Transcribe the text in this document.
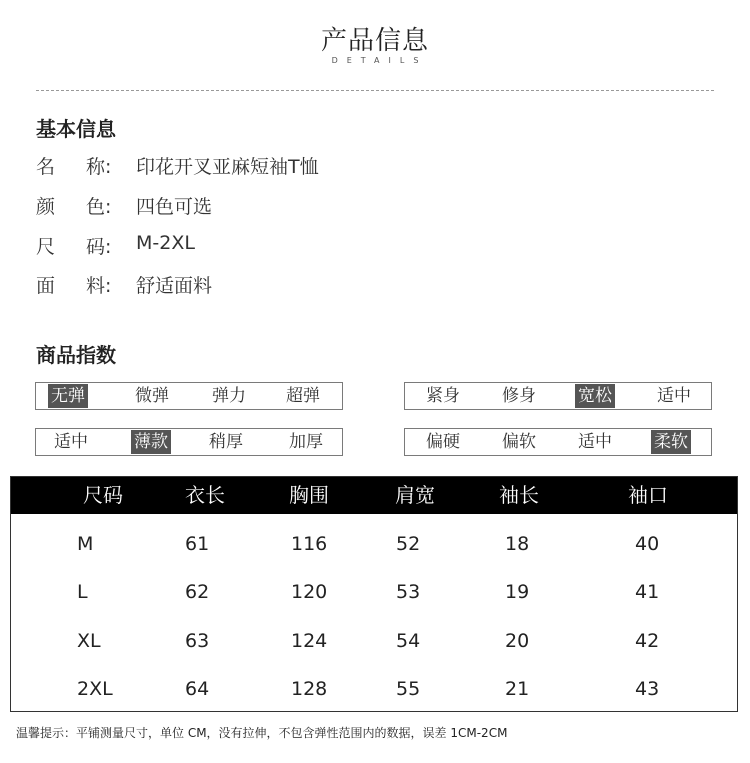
产品信息
DETAILS
基本信息
名	称:	印花开叉亚麻短袖T恤
颜	色:	四色可选
尺	码:	M-2XL
面	料:	舒适面料
商品指数
无弹	微弹	弹力 超弹	紧身 修身 宽松	适中
适中	薄款 稍厚	加厚	偏硬 偏软 适中 柔软
尺码	衣长	胸围	肩宽	袖长	袖口
M	61	116	52	18	40
L	62	120	53	19	41
XL	63	124	54	20	42
2XL	64	128	55	21	43
温馨提示：平铺测量尺寸，单位 CM，没有拉伸，不包含弹性范围内的数据，误差 1CM-2CM
